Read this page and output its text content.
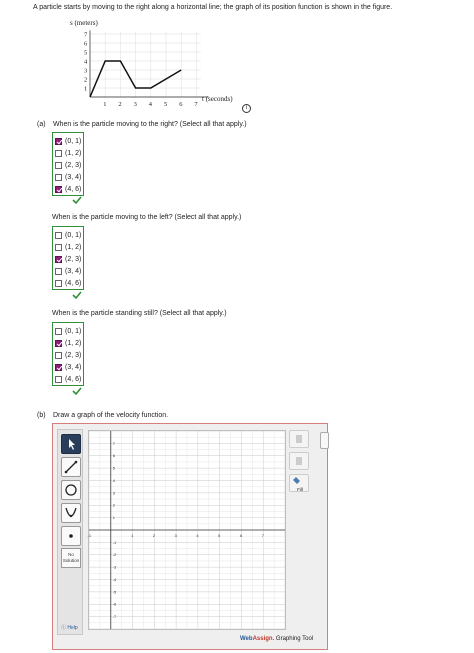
A particle starts by moving to the right along a horizontal line; the graph of its position function is shown in the figure.
s (meters)
t (seconds)
1 2 3 4 5 6 7
1
2
3
4
5
6
7
i
(a) When is the particle moving to the right? (Select all that apply.)
(0, 1)
(1, 2)
(2, 3)
(3, 4)
(4, 6)
When is the particle moving to the left? (Select all that apply.)
(0, 1)
(1, 2)
(2, 3)
(3, 4)
(4, 6)
When is the particle standing still? (Select all that apply.)
(0, 1)
(1, 2)
(2, 3)
(3, 4)
(4, 6)
(b) Draw a graph of the velocity function.
No Solution
ⓘ Help
-1	1	2	3	4	5	6	7
7
6
5
4
3
2
1
-1
-2
-3
-4
-5
-6
-7
Fill
WebAssign. Graphing Tool
